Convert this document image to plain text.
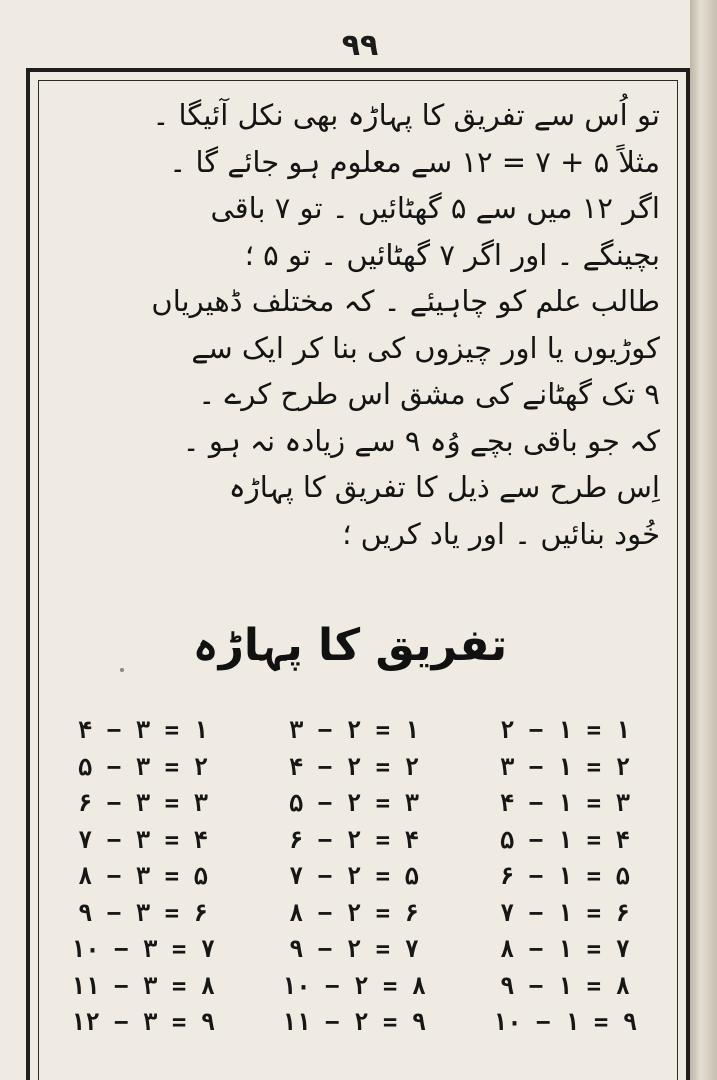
۹۹
تو اُس سے تفریق کا پہاڑہ بھی نکل آئیگا ۔
مثلاً ۵ + ۷ = ۱۲ سے معلوم ہو جائے گا ۔
اگر ۱۲ میں سے ۵ گھٹائیں ۔ تو ۷ باقی
بچینگے ۔ اور اگر ۷ گھٹائیں ۔ تو ۵ ؛
طالب علم کو چاہیئے ۔ کہ مختلف ڈھیریاں
کوڑیوں یا اور چیزوں کی بنا کر ایک سے
۹ تک گھٹانے کی مشق اس طرح کرے ۔
کہ جو باقی بچے وُہ ۹ سے زیادہ نہ ہو ۔
اِس طرح سے ذیل کا تفریق کا پہاڑہ
خُود بنائیں ۔ اور یاد کریں ؛
تفریق کا پہاڑہ
۲ − ۱ = ۱
۳ − ۱ = ۲
۴ − ۱ = ۳
۵ − ۱ = ۴
۶ − ۱ = ۵
۷ − ۱ = ۶
۸ − ۱ = ۷
۹ − ۱ = ۸
۱۰ − ۱ = ۹
۳ − ۲ = ۱
۴ − ۲ = ۲
۵ − ۲ = ۳
۶ − ۲ = ۴
۷ − ۲ = ۵
۸ − ۲ = ۶
۹ − ۲ = ۷
۱۰ − ۲ = ۸
۱۱ − ۲ = ۹
۴ − ۳ = ۱
۵ − ۳ = ۲
۶ − ۳ = ۳
۷ − ۳ = ۴
۸ − ۳ = ۵
۹ − ۳ = ۶
۱۰ − ۳ = ۷
۱۱ − ۳ = ۸
۱۲ − ۳ = ۹
